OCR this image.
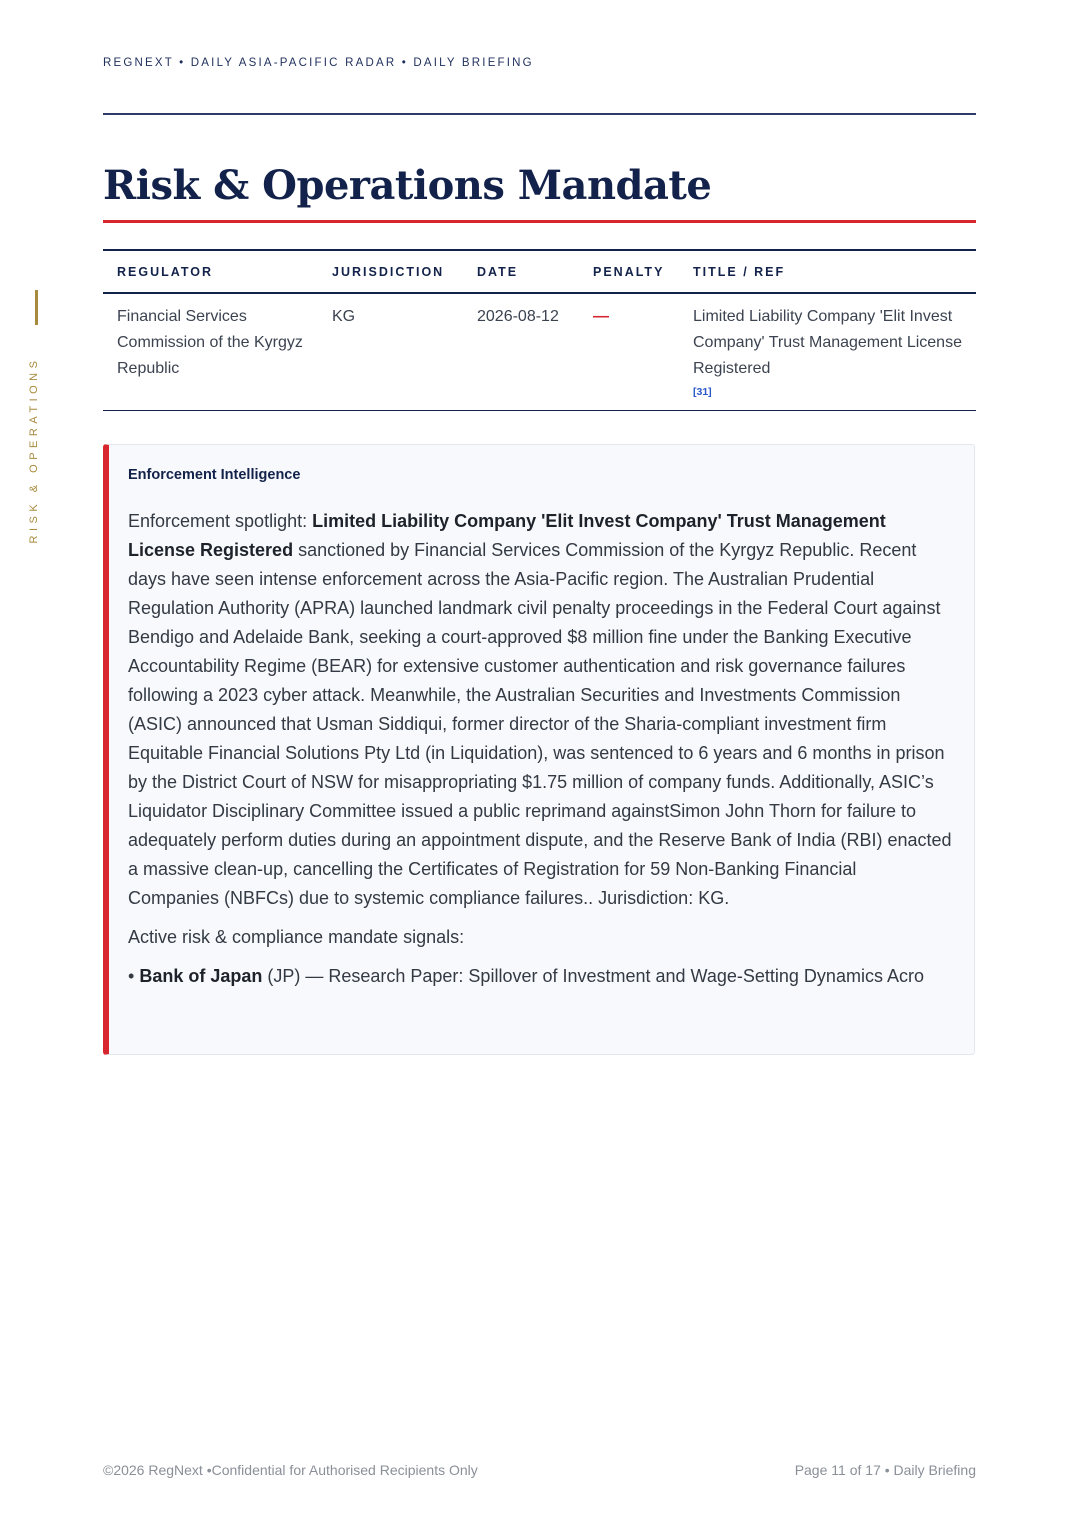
REGNEXT • DAILY ASIA-PACIFIC RADAR • DAILY BRIEFING
RISK & OPERATIONS
Risk & Operations Mandate
REGULATOR	JURISDICTION	DATE	PENALTY	TITLE / REF
Financial Services Commission of the Kyrgyz Republic	KG	2026-08-12	—	Limited Liability Company 'Elit Invest Company' Trust Management License Registered
[31]
Enforcement Intelligence

Enforcement spotlight: Limited Liability Company 'Elit Invest Company' Trust Management License Registered sanctioned by Financial Services Commission of the Kyrgyz Republic. Recent days have seen intense enforcement across the Asia-Pacific region. The Australian Prudential Regulation Authority (APRA) launched landmark civil penalty proceedings in the Federal Court against Bendigo and Adelaide Bank, seeking a court-approved $8 million fine under the Banking Executive Accountability Regime (BEAR) for extensive customer authentication and risk governance failures following a 2023 cyber attack. Meanwhile, the Australian Securities and Investments Commission (ASIC) announced that Usman Siddiqui, former director of the Sharia-compliant investment firm Equitable Financial Solutions Pty Ltd (in Liquidation), was sentenced to 6 years and 6 months in prison by the District Court of NSW for misappropriating $1.75 million of company funds. Additionally, ASIC’s Liquidator Disciplinary Committee issued a public reprimand againstSimon John Thorn for failure to adequately perform duties during an appointment dispute, and the Reserve Bank of India (RBI) enacted a massive clean-up, cancelling the Certificates of Registration for 59 Non-Banking Financial Companies (NBFCs) due to systemic compliance failures.. Jurisdiction: KG.

Active risk & compliance mandate signals:

• Bank of Japan (JP) — Research Paper: Spillover of Investment and Wage-Setting Dynamics Acro
©2026 RegNext •Confidential for Authorised Recipients Only	Page 11 of 17 • Daily Briefing
